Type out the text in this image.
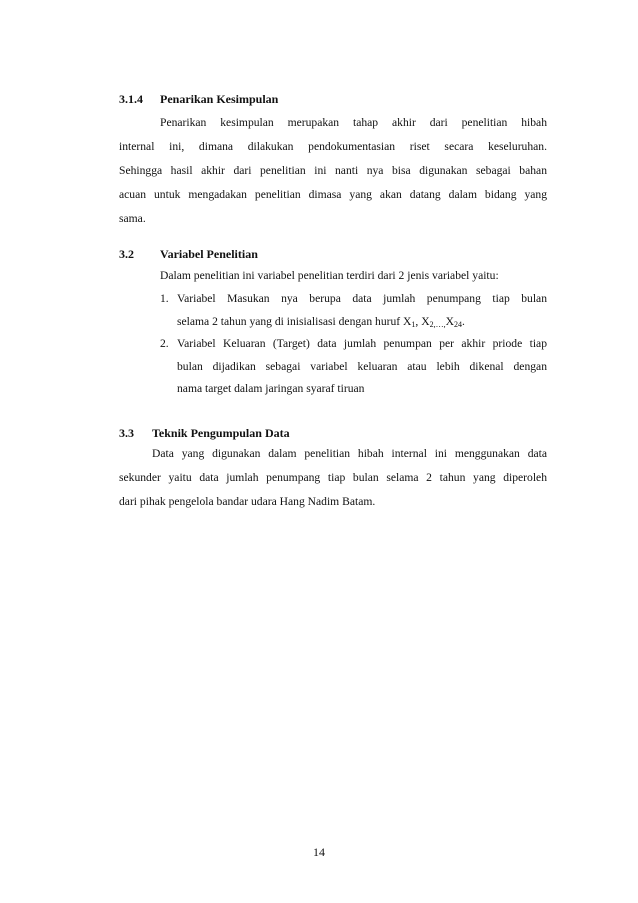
3.1.4 Penarikan Kesimpulan
Penarikan kesimpulan merupakan tahap akhir dari penelitian hibah
internal ini, dimana dilakukan pendokumentasian riset secara keseluruhan.
Sehingga hasil akhir dari penelitian ini nanti nya bisa digunakan sebagai bahan
acuan untuk mengadakan penelitian dimasa yang akan datang dalam bidang yang
sama.
3.2 Variabel Penelitian
Dalam penelitian ini variabel penelitian terdiri dari 2 jenis variabel yaitu:
1. Variabel Masukan nya berupa data jumlah penumpang tiap bulan
selama 2 tahun yang di inisialisasi dengan huruf $X_1$, $X_{2,\dots,}X_{24}$.
2. Variabel Keluaran (Target) data jumlah penumpan per akhir priode tiap
bulan dijadikan sebagai variabel keluaran atau lebih dikenal dengan
nama target dalam jaringan syaraf tiruan
3.3 Teknik Pengumpulan Data
Data yang digunakan dalam penelitian hibah internal ini menggunakan data
sekunder yaitu data jumlah penumpang tiap bulan selama 2 tahun yang diperoleh
dari pihak pengelola bandar udara Hang Nadim Batam.
14
